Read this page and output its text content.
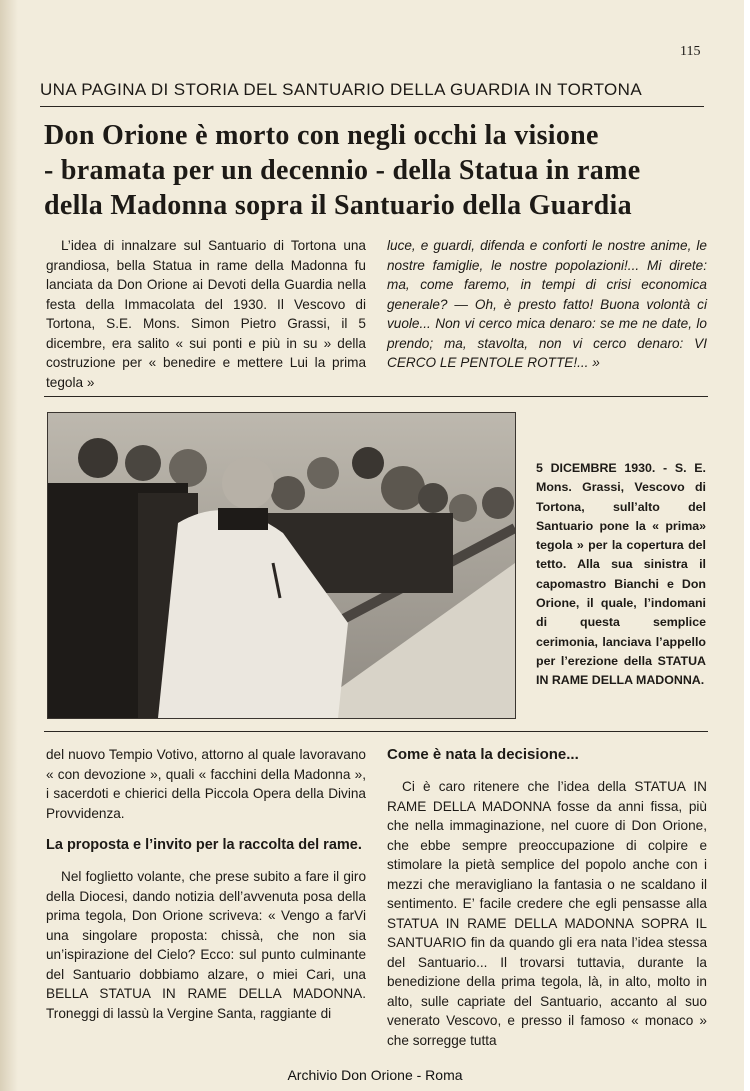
115
UNA PAGINA DI STORIA DEL SANTUARIO DELLA GUARDIA IN TORTONA
Don Orione è morto con negli occhi la visione
- bramata per un decennio - della Statua in rame
della Madonna sopra il Santuario della Guardia

L’idea di innalzare sul Santuario di Tortona una grandiosa, bella Statua in rame della Madonna fu lanciata da Don Orione ai Devoti della Guardia nella festa della Immacolata del 1930. Il Vescovo di Tortona, S.E. Mons. Simon Pietro Grassi, il 5 dicembre, era salito « sui ponti e più in su » della costruzione per « benedire e mettere Lui la prima tegola »

luce, e guardi, difenda e conforti le nostre anime, le nostre famiglie, le nostre popolazioni!... Mi direte: ma, come faremo, in tempi di crisi economica generale? — Oh, è presto fatto! Buona volontà ci vuole... Non vi cerco mica denaro: se me ne date, lo prendo; ma, stavolta, non vi cerco denaro: VI CERCO LE PENTOLE ROTTE!... »

5 DICEMBRE 1930. - S. E. Mons. Grassi, Vescovo di Tortona, sull’alto del Santuario pone la « prima» tegola » per la copertura del tetto. Alla sua sinistra il capomastro Bianchi e Don Orione, il quale, l’indomani di questa semplice cerimonia, lanciava l’appello per l’erezione della STATUA IN RAME DELLA MADONNA.

del nuovo Tempio Votivo, attorno al quale lavoravano « con devozione », quali « facchini della Madonna », i sacerdoti e chierici della Piccola Opera della Divina Provvidenza.

La proposta e l’invito per la raccolta del rame.

Nel foglietto volante, che prese subito a fare il giro della Diocesi, dando notizia dell’avvenuta posa della prima tegola, Don Orione scriveva: « Vengo a farVi una singolare proposta: chissà, che non sia un’ispirazione del Cielo? Ecco: sul punto culminante del Santuario dobbiamo alzare, o miei Cari, una BELLA STATUA IN RAME DELLA MADONNA. Troneggi di lassù la Vergine Santa, raggiante di

Come è nata la decisione...

Ci è caro ritenere che l’idea della STATUA IN RAME DELLA MADONNA fosse da anni fissa, più che nella immaginazione, nel cuore di Don Orione, che ebbe sempre preoccupazione di colpire e stimolare la pietà semplice del popolo anche con i mezzi che meravigliano la fantasia o ne scaldano il sentimento. E’ facile credere che egli pensasse alla STATUA IN RAME DELLA MADONNA SOPRA IL SANTUARIO fin da quando gli era nata l’idea stessa del Santuario... Il trovarsi tuttavia, durante la benedizione della prima tegola, là, in alto, molto in alto, sulle capriate del Santuario, accanto al suo venerato Vescovo, e presso il famoso « monaco » che sorregge tutta

Archivio Don Orione - Roma
